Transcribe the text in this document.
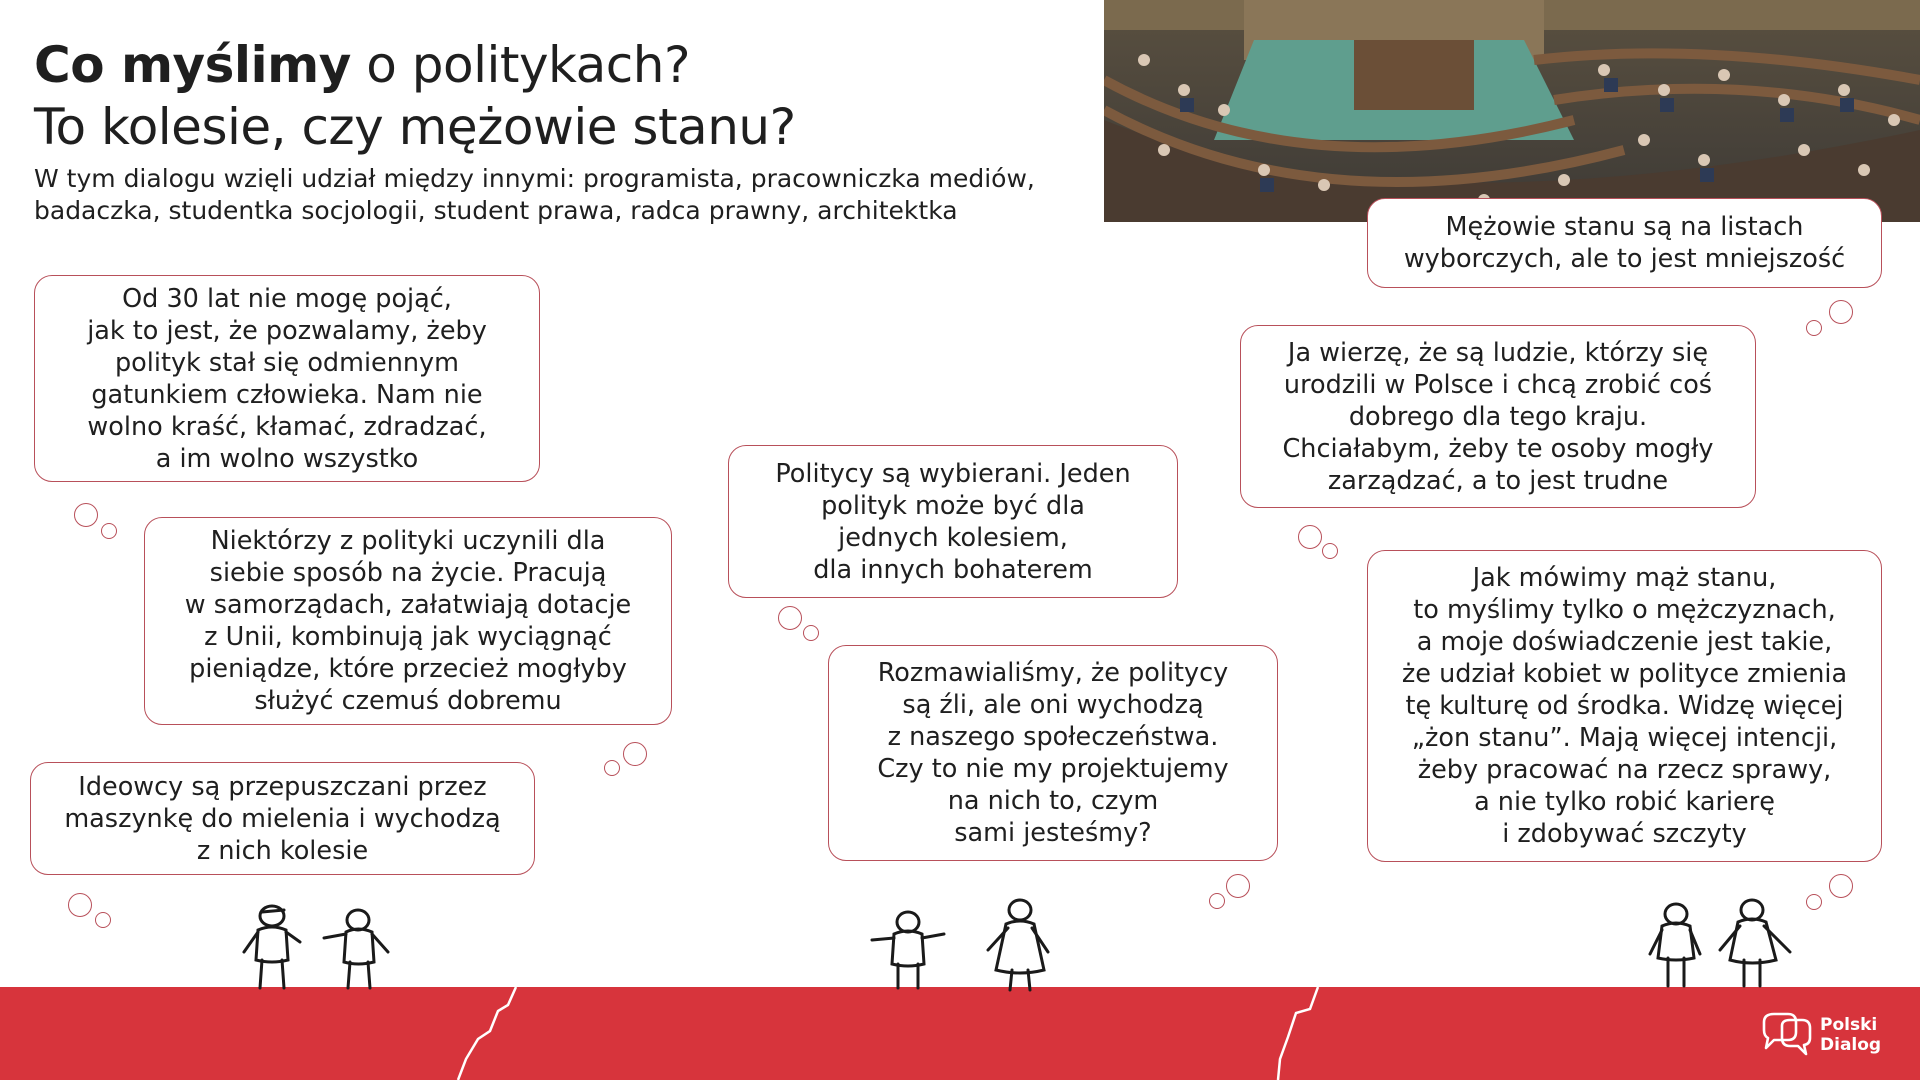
Co myślimy o politykach?
To kolesie, czy mężowie stanu?
W tym dialogu wzięli udział między innymi: programista, pracowniczka mediów, badaczka, studentka socjologii, student prawa, radca prawny, architektka
Od 30 lat nie mogę pojąć,
jak to jest, że pozwalamy, żeby
polityk stał się odmiennym
gatunkiem człowieka. Nam nie
wolno kraść, kłamać, zdradzać,
a im wolno wszystko
Niektórzy z polityki uczynili dla
siebie sposób na życie. Pracują
w samorządach, załatwiają dotacje
z Unii, kombinują jak wyciągnąć
pieniądze, które przecież mogłyby
służyć czemuś dobremu
Ideowcy są przepuszczani przez
maszynkę do mielenia i wychodzą
z nich kolesie
Politycy są wybierani. Jeden
polityk może być dla
jednych kolesiem,
dla innych bohaterem
Rozmawialiśmy, że politycy
są źli, ale oni wychodzą
z naszego społeczeństwa.
Czy to nie my projektujemy
na nich to, czym
sami jesteśmy?
Mężowie stanu są na listach
wyborczych, ale to jest mniejszość
Ja wierzę, że są ludzie, którzy się
urodzili w Polsce i chcą zrobić coś
dobrego dla tego kraju.
Chciałabym, żeby te osoby mogły
zarządzać, a to jest trudne
Jak mówimy mąż stanu,
to myślimy tylko o mężczyznach,
a moje doświadczenie jest takie,
że udział kobiet w polityce zmienia
tę kulturę od środka. Widzę więcej
„żon stanu”. Mają więcej intencji,
żeby pracować na rzecz sprawy,
a nie tylko robić karierę
i zdobywać szczyty
Polski
Dialog
